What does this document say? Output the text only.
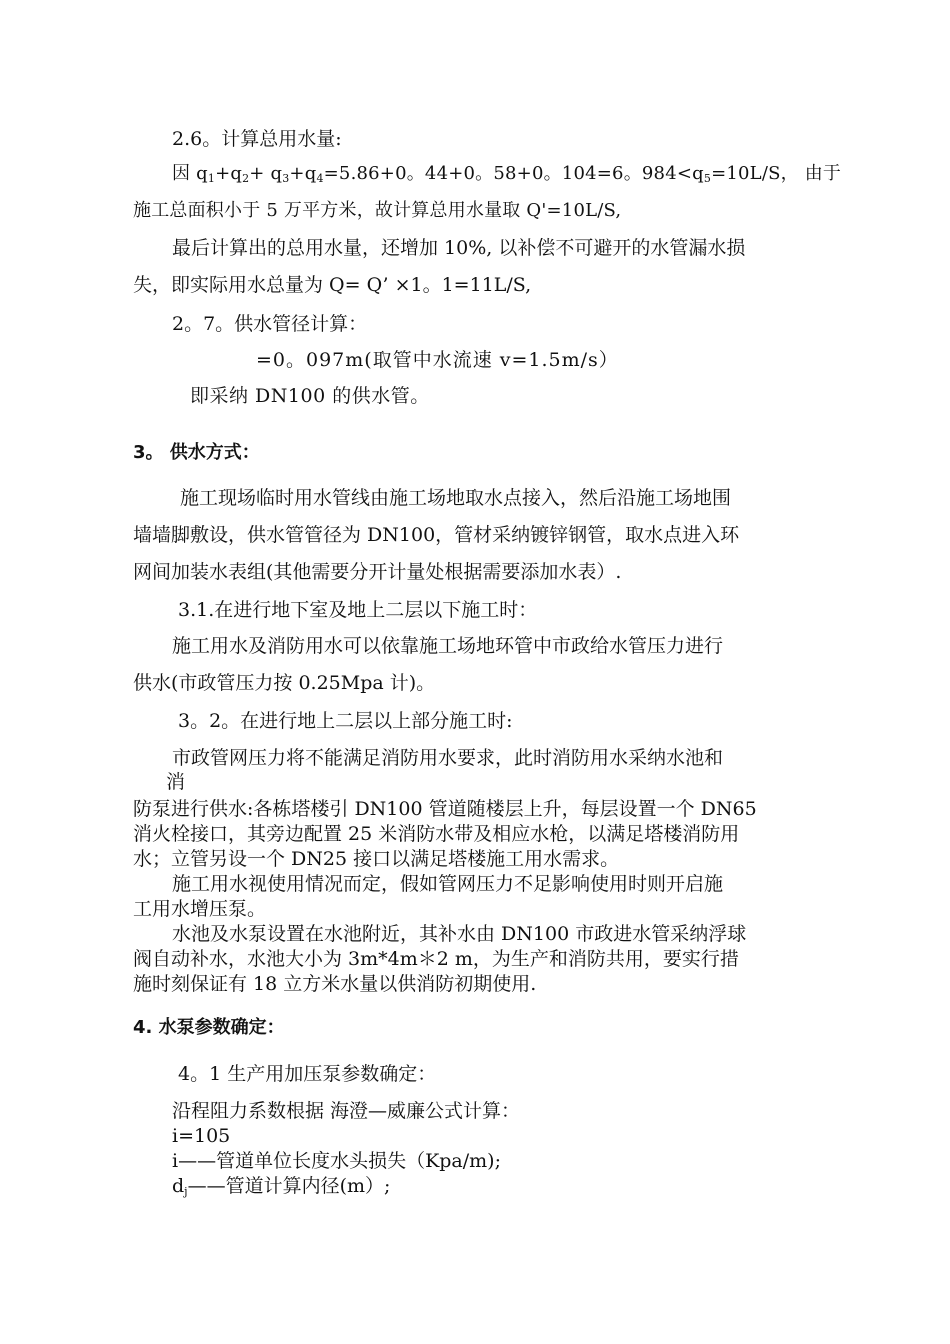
2.6。计算总用水量:
因 $q_1+q_2+ q_3+q_4=5.86+0$。44+0。58+0。104=6。$984<q_5=10L/S$， 由于
施工总面积小于 5 万平方米，故计算总用水量取 Q'=10L/S,
最后计算出的总用水量，还增加 10%, 以补偿不可避开的水管漏水损
失，即实际用水总量为 Q= Q’ ×1。1=11L/S,
2。7。供水管径计算：
=0。097m(取管中水流速 v=1.5m/s）
即采纳 DN100 的供水管。
3。 供水方式：
施工现场临时用水管线由施工场地取水点接入，然后沿施工场地围
墙墙脚敷设，供水管管径为 DN100，管材采纳镀锌钢管，取水点进入环
网间加装水表组(其他需要分开计量处根据需要添加水表）.
3.1.在进行地下室及地上二层以下施工时：
施工用水及消防用水可以依靠施工场地环管中市政给水管压力进行
供水(市政管压力按 0.25Mpa 计)。
3。2。在进行地上二层以上部分施工时:
市政管网压力将不能满足消防用水要求，此时消防用水采纳水池和
消
防泵进行供水:各栋塔楼引 DN100 管道随楼层上升，每层设置一个 DN65
消火栓接口，其旁边配置 25 米消防水带及相应水枪，以满足塔楼消防用
水；立管另设一个 DN25 接口以满足塔楼施工用水需求。
施工用水视使用情况而定，假如管网压力不足影响使用时则开启施
工用水增压泵。
水池及水泵设置在水池附近，其补水由 DN100 市政进水管采纳浮球
阀自动补水，水池大小为 3m*4m＊2 m，为生产和消防共用，要实行措
施时刻保证有 18 立方米水量以供消防初期使用.
4. 水泵参数确定：
4。1 生产用加压泵参数确定：
沿程阻力系数根据 海澄—威廉公式计算：
i=105
i——管道单位长度水头损失（Kpa/m);
$d_j——$管道计算内径(m）;
